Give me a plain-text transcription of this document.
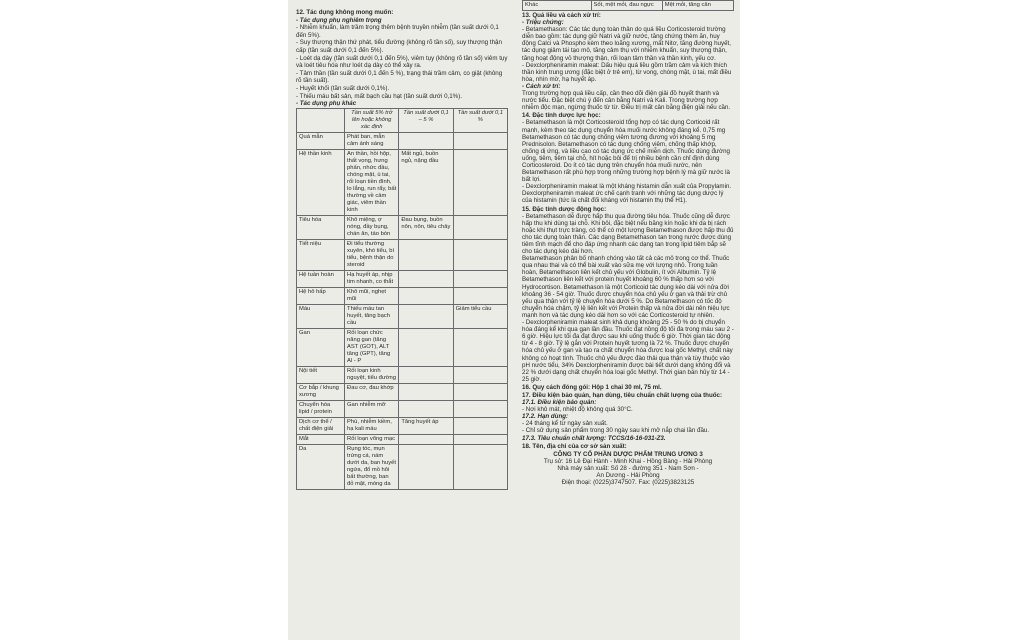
12. Tác dụng không mong muốn:
- Tác dụng phụ nghiêm trọng

- Nhiễm khuẩn, làm trầm trọng thêm bệnh truyền nhiễm (tần suất dưới 0,1 đến 5%).

- Suy thượng thận thứ phát, tiểu đường (không rõ tần số), suy thượng thận cấp (tần suất dưới 0,1 đến 5%).

- Loét dạ dày (tần suất dưới 0,1 đến 5%), viêm tụy (không rõ tần số) viêm tụy và loét tiêu hóa như loét dạ dày có thể xảy ra.

- Tâm thần (tần suất dưới 0,1 đến 5 %), trạng thái trầm cảm, co giật (không rõ tần suất).

- Huyết khối (tần suất dưới 0,1%).

- Thiếu máu bất sản, mất bạch cầu hạt (tần suất dưới 0,1%).

- Tác dụng phụ khác
	Tần suất 5% trở lên hoặc không xác định	Tần suất dưới 0,1 – 5 %	Tần suất dưới 0,1 %
Quá mẫn	Phát ban, mẫn cảm ánh sáng		
Hệ thần kinh	An thần, hồi hộp, thất vọng, hưng phấn, nhức đầu, chóng mặt, ù tai, rối loạn tiền đình, lo lắng, run rẩy, bất thường về cảm giác, viêm thần kinh	Mất ngủ, buồn ngủ, nặng đầu	
Tiêu hóa	Khô miệng, ợ nóng, đầy bụng, chán ăn, táo bón	Đau bụng, buồn nôn, nôn, tiêu chảy	
Tiết niệu	Đi tiểu thường xuyên, khó tiểu, bí tiểu, bệnh thận do steroid		
Hệ tuần hoàn	Hạ huyết áp, nhịp tim nhanh, co thắt		
Hệ hô hấp	Khô mũi, nghẹt mũi		
Máu	Thiếu máu tan huyết, tăng bạch cầu		Giảm tiểu cầu
Gan	Rối loạn chức năng gan (tăng AST (GOT), ALT tăng (GPT), tăng Al - P		
Nội tiết	Rối loạn kinh nguyệt, tiểu đường		
Cơ bắp / khung xương	Đau cơ, đau khớp		
Chuyển hóa lipid / protein	Gan nhiễm mỡ		
Dịch cơ thể / chất điện giải	Phù, nhiễm kiềm, hạ kali máu	Tăng huyết áp	
Mắt	Rối loạn võng mạc		
Da	Rụng tóc, mụn trứng cá, nám dưới da, ban huyết ngứa, đổ mồ hôi bất thường, ban đỏ mặt, móng da		
Khác	Sốt, mệt mỏi, đau ngực	Mệt mỏi, tăng cân
13. Quá liều và cách xử trí:
- Triệu chứng:

- Betamethason: Các tác dụng toàn thân do quá liều Corticosteroid trường diễn bao gồm: tác dụng giữ Natri và giữ nước, tăng chứng thèm ăn, huy động Calci và Phospho kèm theo loãng xương, mất Nitơ, tăng đường huyết, tác dụng giảm tái tạo mô, tăng cảm thụ với nhiễm khuẩn, suy thượng thận, tăng hoạt động vỏ thượng thận, rối loạn tâm thần và thần kinh, yếu cơ.

- Dexclorpheniramin maleat: Dấu hiệu quá liều gồm trầm cảm và kích thích thần kinh trung ương (đặc biệt ở trẻ em), từ vong, chóng mặt, ù tai, mất điều hòa, nhìn mờ, hạ huyết áp.

- Cách xử trí:

Trong trường hợp quá liều cấp, cần theo dõi điện giải đồ huyết thanh và nước tiểu. Đặc biệt chú ý đến cân bằng Natri và Kali. Trong trường hợp nhiễm độc mạn, ngừng thuốc từ từ. Điều trị mất cân bằng điện giải nếu cần.

14. Đặc tính dược lực học:

- Betamethason là một Corticosteroid tổng hợp có tác dụng Corticoid rất mạnh, kèm theo tác dụng chuyển hóa muối nước không đáng kể. 0,75 mg Betamethason có tác dụng chống viêm tương đương với khoảng 5 mg Prednisolon. Betamethason có tác dụng chống viêm, chống thấp khớp, chống dị ứng, và liều cao có tác dụng ức chế miễn dịch. Thuốc dùng đường uống, tiêm, tiêm tại chỗ, hít hoặc bôi để trị nhiều bệnh cần chỉ định dùng Corticosteroid. Do ít có tác dụng trên chuyển hóa muối nước, nên Betamethason rất phù hợp trong những trường hợp bệnh lý mà giữ nước là bất lợi.

- Dexclorpheniramin maleat là một kháng histamin dẫn xuất của Propylamin. Dexclorpheniramin maleat ức chế cạnh tranh với những tác dụng dược lý của histamin (tức là chất đối kháng với histamin thụ thể H1).

15. Đặc tính dược động học:

- Betamethason dễ được hấp thu qua đường tiêu hóa. Thuốc cũng dễ được hấp thu khi dùng tại chỗ. Khi bôi, đặc biệt nếu băng kín hoặc khi da bị rách hoặc khi thụt trực tràng, có thể có một lượng Betamethason được hấp thu đủ cho tác dụng toàn thân. Các dạng Betamethason tan trong nước được dùng tiêm tĩnh mạch để cho đáp ứng nhanh các dạng tan trong lipid tiêm bắp sẽ cho tác dụng kéo dài hơn.

Betamethason phân bố nhanh chóng vào tất cả các mô trong cơ thể. Thuốc qua nhau thai và có thể bài xuất vào sữa mẹ với lượng nhỏ. Trong tuần hoàn, Betamethason liên kết chủ yếu với Globulin, ít với Albumin. Tỷ lệ Betamethason liên kết với protein huyết khoảng 60 % thấp hơn so với Hydrocortison. Betamethason là một Corticoid tác dụng kéo dài với nửa đời khoảng 36 - 54 giờ. Thuốc được chuyển hóa chủ yếu ở gan và thải trừ chủ yếu qua thận với tỷ lệ chuyển hóa dưới 5 %. Do Betamethason có tốc độ chuyển hóa chậm, tỷ lệ liên kết với Protein thấp và nửa đời dài nên hiệu lực mạnh hơn và tác dụng kéo dài hơn so với các Corticosteroid tự nhiên.

- Dexclorpheniramin maleat sinh khả dụng khoảng 25 - 50 % do bị chuyển hóa đáng kể khi qua gan lần đầu. Thuốc đạt nồng độ tối đa trong máu sau 2 - 6 giờ. Hiệu lực tối đa đạt được sau khi uống thuốc 6 giờ. Thời gian tác động từ 4 - 8 giờ. Tỷ lệ gắn với Protein huyết tương là 72 %. Thuốc được chuyển hóa chủ yếu ở gan và tạo ra chất chuyển hóa được loại gốc Methyl, chất này không có hoạt tính. Thuốc chủ yếu được đào thải qua thận và tùy thuộc vào pH nước tiểu, 34% Dexclorpheniramin được bài tiết dưới dạng không đổi và 22 % dưới dạng chất chuyển hóa loại gốc Methyl. Thời gian bán hủy từ 14 - 25 giờ.

16. Quy cách đóng gói: Hộp 1 chai 30 ml, 75 ml.
17. Điều kiện bảo quản, hạn dùng, tiêu chuẩn chất lượng của thuốc:
17.1. Điều kiện bảo quản:

- Nơi khô mát, nhiệt độ không quá 30°C.

17.2. Hạn dùng:

- 24 tháng kể từ ngày sản xuất.

- Chỉ sử dụng sản phẩm trong 30 ngày sau khi mở nắp chai lần đầu.

17.3. Tiêu chuẩn chất lượng: TCCS/16-16-031-Z3.
18. Tên, địa chỉ của cơ sở sản xuất:
CÔNG TY CỔ PHẦN DƯỢC PHẨM TRUNG ƯƠNG 3
Trụ sở: 16 Lê Đại Hành - Minh Khai - Hồng Bàng - Hải Phòng
Nhà máy sản xuất: Số 28 - đường 351 - Nam Sơn -
An Dương - Hải Phòng
Điện thoại: (0225)3747507. Fax: (0225)3823125
